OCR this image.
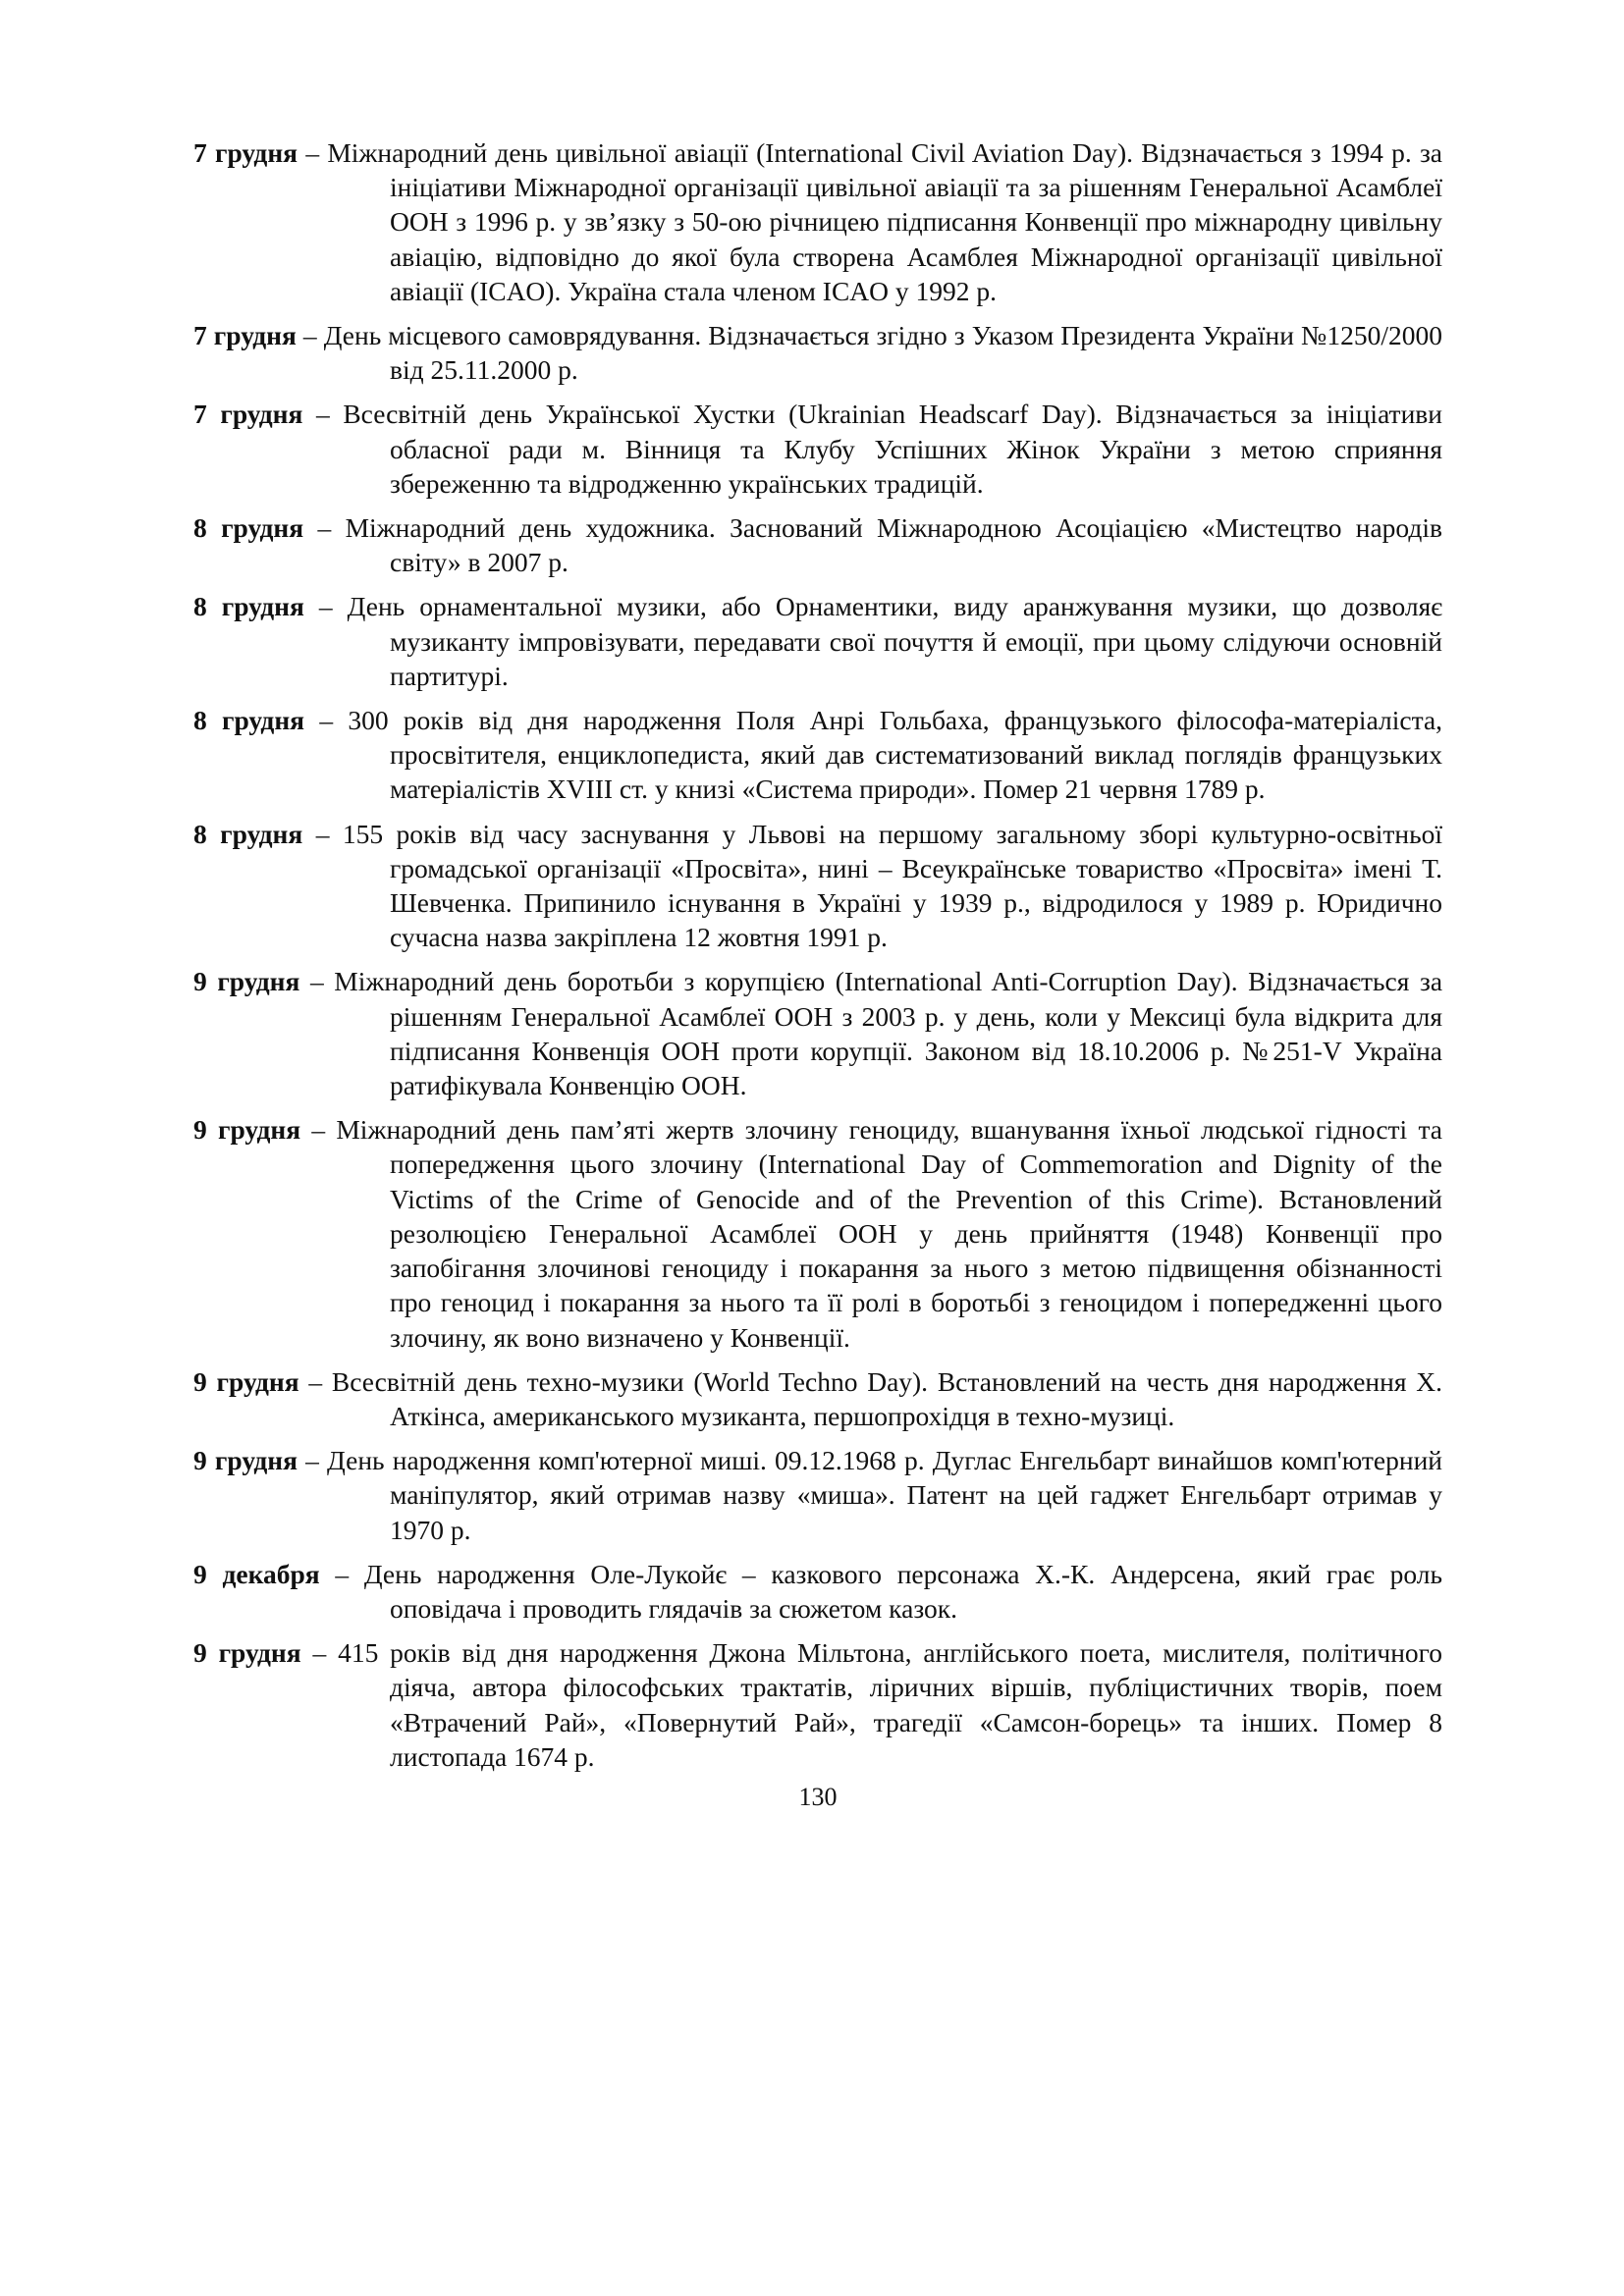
7 грудня – Міжнародний день цивільної авіації (International Civil Aviation Day). Відзначається з 1994 р. за ініціативи Міжнародної організації цивільної авіації та за рішенням Генеральної Асамблеї ООН з 1996 р. у зв’язку з 50-ою річницею підписання Конвенції про міжнародну цивільну авіацію, відповідно до якої була створена Асамблея Міжнародної організації цивільної авіації (ICAO). Україна стала членом ICAO у 1992 р.

7 грудня – День місцевого самоврядування. Відзначається згідно з Указом Президента України №1250/2000 від 25.11.2000 р.

7 грудня – Всесвітній день Української Хустки (Ukrainian Headscarf Day). Відзначається за ініціативи обласної ради м. Вінниця та Клубу Успішних Жінок України з метою сприяння збереженню та відродженню українських традицій.

8 грудня – Міжнародний день художника. Заснований Міжнародною Асоціацією «Мистецтво народів світу» в 2007 р.

8 грудня – День орнаментальної музики, або Орнаментики, виду аранжування музики, що дозволяє музиканту імпровізувати, передавати свої почуття й емоції, при цьому слідуючи основній партитурі.

8 грудня – 300 років від дня народження Поля Анрі Гольбаха, французького філософа-матеріаліста, просвітителя, енциклопедиста, який дав систематизований виклад поглядів французьких матеріалістів XVIII ст. у книзі «Система природи». Помер 21 червня 1789 р.

8 грудня – 155 років від часу заснування у Львові на першому загальному зборі культурно-освітньої громадської організації «Просвіта», нині – Всеукраїнське товариство «Просвіта» імені Т. Шевченка. Припинило існування в Україні у 1939 р., відродилося у 1989 р. Юридично сучасна назва закріплена 12 жовтня 1991 р.

9 грудня – Міжнародний день боротьби з корупцією (International Anti-Corruption Day). Відзначається за рішенням Генеральної Асамблеї ООН з 2003 р. у день, коли у Мексиці була відкрита для підписання Конвенція ООН проти корупції. Законом від 18.10.2006 р. №251-V Україна ратифікувала Конвенцію ООН.

9 грудня – Міжнародний день пам’яті жертв злочину геноциду, вшанування їхньої людської гідності та попередження цього злочину (International Day of Commemoration and Dignity of the Victims of the Crime of Genocide and of the Prevention of this Crime). Встановлений резолюцією Генеральної Асамблеї ООН у день прийняття (1948) Конвенції про запобігання злочинові геноциду і покарання за нього з метою підвищення обізнанності про геноцид і покарання за нього та її ролі в боротьбі з геноцидом і попередженні цього злочину, як воно визначено у Конвенції.

9 грудня – Всесвітній день техно-музики (World Techno Day). Встановлений на честь дня народження Х. Аткінса, американського музиканта, першопрохідця в техно-музиці.

9 грудня – День народження комп'ютерної миші. 09.12.1968 р. Дуглас Енгельбарт винайшов комп'ютерний маніпулятор, який отримав назву «миша». Патент на цей гаджет Енгельбарт отримав у 1970 р.

9 декабря – День народження Оле-Лукойє – казкового персонажа Х.-К. Андерсена, який грає роль оповідача і проводить глядачів за сюжетом казок.

9 грудня – 415 років від дня народження Джона Мільтона, англійського поета, мислителя, політичного діяча, автора філософських трактатів, ліричних віршів, публіцистичних творів, поем «Втрачений Рай», «Повернутий Рай», трагедії «Самсон-борець» та інших. Помер 8 листопада 1674 р.

130
